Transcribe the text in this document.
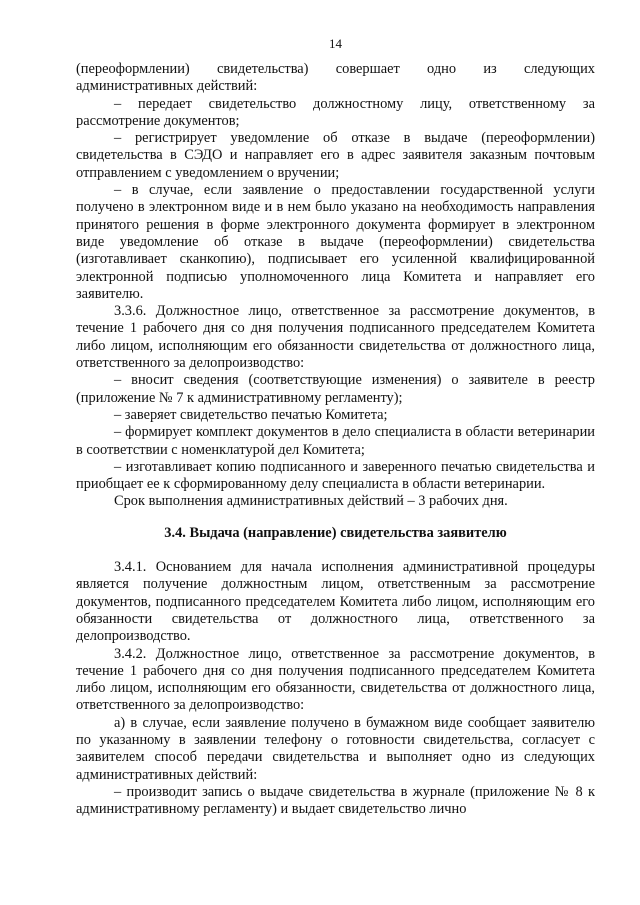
14

(переоформлении) свидетельства) совершает одно из следующих административных действий:

– передает свидетельство должностному лицу, ответственному за рассмотрение документов;

– регистрирует уведомление об отказе в выдаче (переоформлении) свидетельства в СЭДО и направляет его в адрес заявителя заказным почтовым отправлением с уведомлением о вручении;

– в случае, если заявление о предоставлении государственной услуги получено в электронном виде и в нем было указано на необходимость направления принятого решения в форме электронного документа формирует в электронном виде уведомление об отказе в выдаче (переоформлении) свидетельства (изготавливает сканкопию), подписывает его усиленной квалифицированной электронной подписью уполномоченного лица Комитета и направляет его заявителю.

3.3.6. Должностное лицо, ответственное за рассмотрение документов, в течение 1 рабочего дня со дня получения подписанного председателем Комитета либо лицом, исполняющим его обязанности свидетельства от должностного лица, ответственного за делопроизводство:

– вносит сведения (соответствующие изменения) о заявителе в реестр (приложение № 7 к административному регламенту);

– заверяет свидетельство печатью Комитета;

– формирует комплект документов в дело специалиста в области ветеринарии в соответствии с номенклатурой дел Комитета;

– изготавливает копию подписанного и заверенного печатью свидетельства и приобщает ее к сформированному делу специалиста в области ветеринарии.

Срок выполнения административных действий – 3 рабочих дня.

3.4. Выдача (направление) свидетельства заявителю

3.4.1. Основанием для начала исполнения административной процедуры является получение должностным лицом, ответственным за рассмотрение документов, подписанного председателем Комитета либо лицом, исполняющим его обязанности свидетельства от должностного лица, ответственного за делопроизводство.

3.4.2. Должностное лицо, ответственное за рассмотрение документов, в течение 1 рабочего дня со дня получения подписанного председателем Комитета либо лицом, исполняющим его обязанности, свидетельства от должностного лица, ответственного за делопроизводство:

а) в случае, если заявление получено в бумажном виде сообщает заявителю по указанному в заявлении телефону о готовности свидетельства, согласует с заявителем способ передачи свидетельства и выполняет одно из следующих административных действий:

– производит запись о выдаче свидетельства в журнале (приложение № 8 к административному регламенту) и выдает свидетельство лично
